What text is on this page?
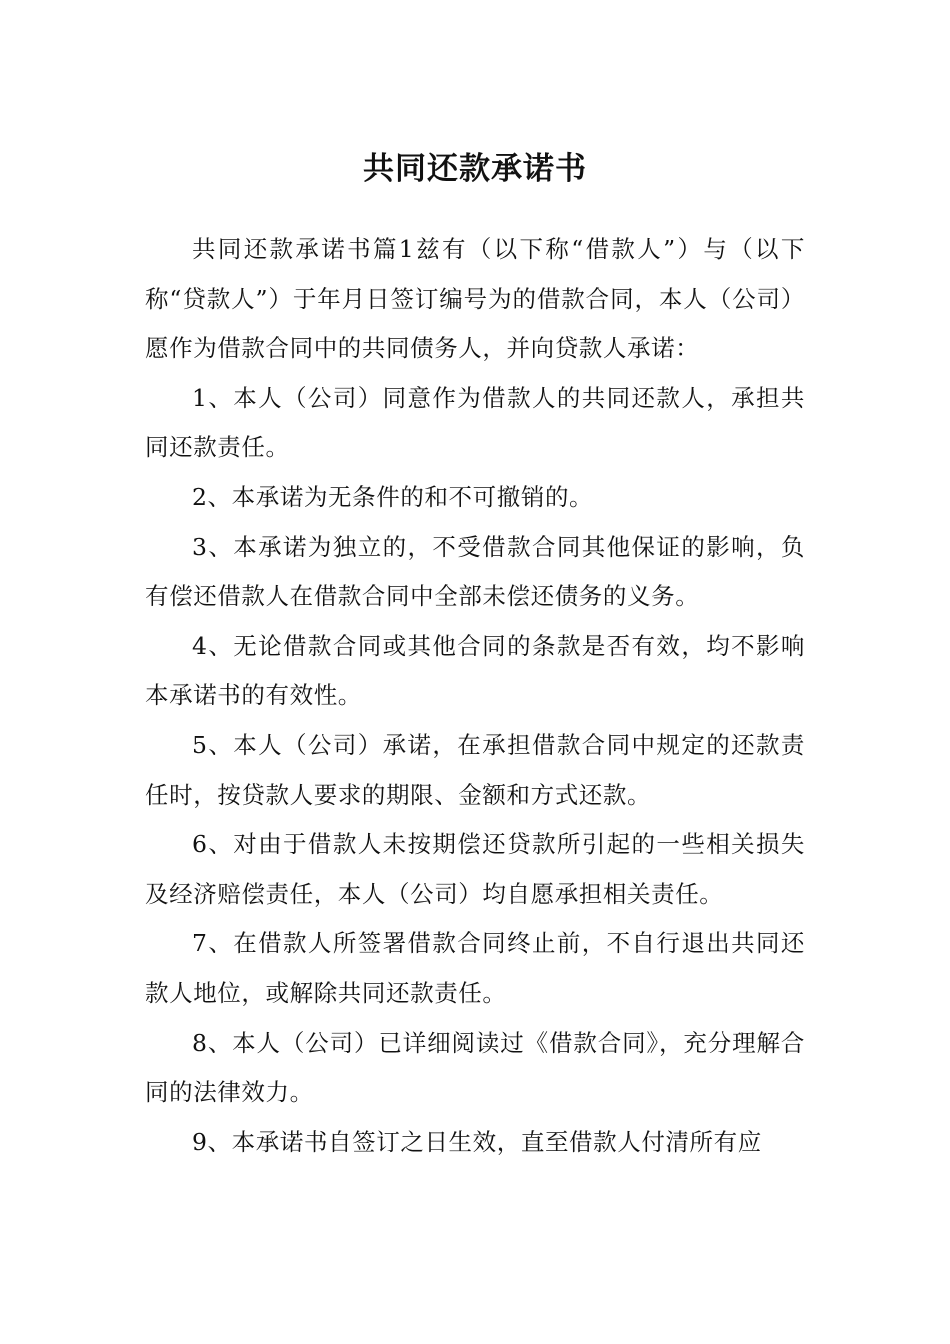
共同还款承诺书

共同还款承诺书篇1兹有（以下称“借款人”）与（以下称“贷款人”）于年月日签订编号为的借款合同，本人（公司）愿作为借款合同中的共同债务人，并向贷款人承诺：

1、本人（公司）同意作为借款人的共同还款人，承担共同还款责任。

2、本承诺为无条件的和不可撤销的。

3、本承诺为独立的，不受借款合同其他保证的影响，负有偿还借款人在借款合同中全部未偿还债务的义务。

4、无论借款合同或其他合同的条款是否有效，均不影响本承诺书的有效性。

5、本人（公司）承诺，在承担借款合同中规定的还款责任时，按贷款人要求的期限、金额和方式还款。

6、对由于借款人未按期偿还贷款所引起的一些相关损失及经济赔偿责任，本人（公司）均自愿承担相关责任。

7、在借款人所签署借款合同终止前，不自行退出共同还款人地位，或解除共同还款责任。

8、本人（公司）已详细阅读过《借款合同》，充分理解合同的法律效力。

9、本承诺书自签订之日生效，直至借款人付清所有应
